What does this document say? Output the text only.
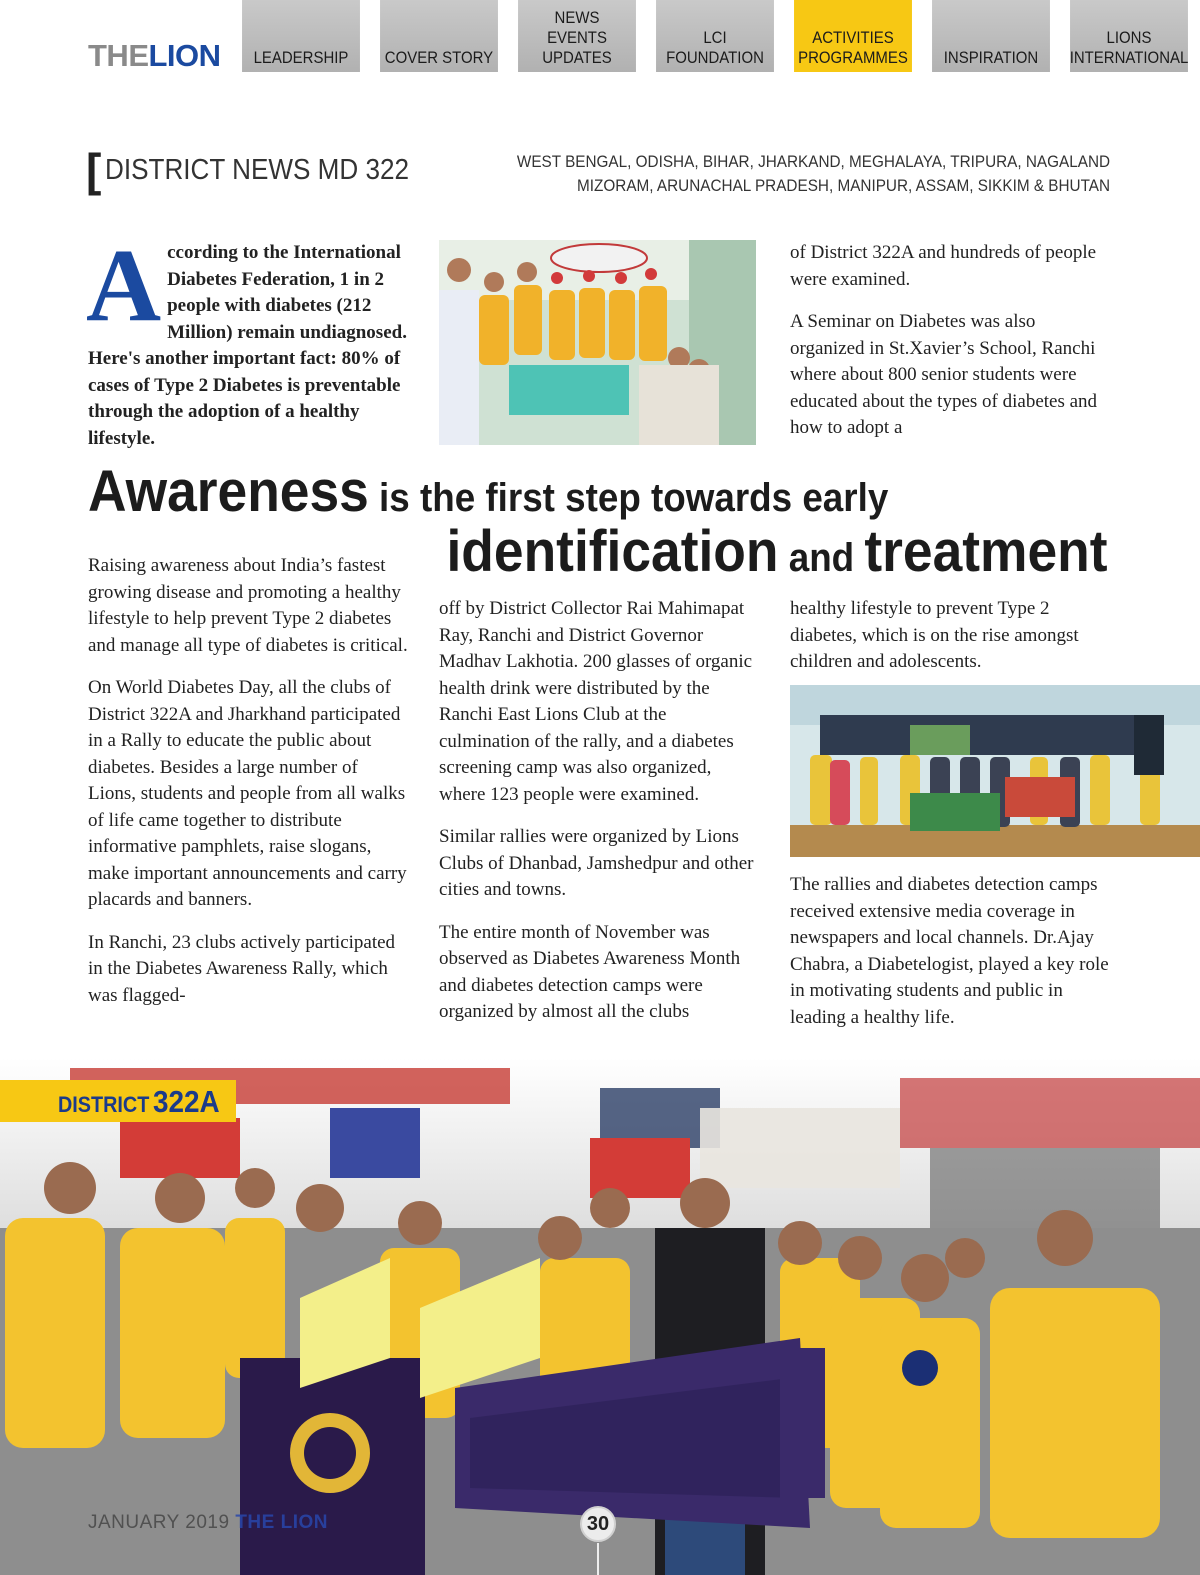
THELION LEADERSHIP COVER STORY
NEWS
EVENTS
UPDATES
LCI
FOUNDATION
ACTIVITIES
PROGRAMMES INSPIRATION
LIONS
INTERNATIONAL
[ DISTRICT NEWS MD 322	WEST BENGAL, ODISHA, BIHAR, JHARKAND, MEGHALAYA, TRIPURA, NAGALAND
MIZORAM, ARUNACHAL PRADESH, MANIPUR, ASSAM, SIKKIM & BHUTAN
A ccording to the International Diabetes Federation, 1 in 2 people with diabetes (212 Million) remain undiagnosed. Here's another important fact: 80% of cases of Type 2 Diabetes is preventable through the adoption of a healthy lifestyle.

of District 322A and hundreds of people were examined.

A Seminar on Diabetes was also organized in St.Xavier’s School, Ranchi where about 800 senior students were educated about the types of diabetes and how to adopt a

Awareness is the first step towards early
identification and treatment

Raising awareness about India’s fastest growing disease and promoting a healthy lifestyle to help prevent Type 2 diabetes and manage all type of diabetes is critical.

On World Diabetes Day, all the clubs of District 322A and Jharkhand participated in a Rally to educate the public about diabetes. Besides a large number of Lions, students and people from all walks of life came together to distribute informative pamphlets, raise slogans, make important announcements and carry placards and banners.

In Ranchi, 23 clubs actively participated in the Diabetes Awareness Rally, which was flagged-

off by District Collector Rai Mahimapat Ray, Ranchi and District Governor Madhav Lakhotia. 200 glasses of organic health drink were distributed by the Ranchi East Lions Club at the culmination of the rally, and a diabetes screening camp was also organized, where 123 people were examined.

Similar rallies were organized by Lions Clubs of Dhanbad, Jamshedpur and other cities and towns.

The entire month of November was observed as Diabetes Awareness Month and diabetes detection camps were organized by almost all the clubs

healthy lifestyle to prevent Type 2 diabetes, which is on the rise amongst children and adolescents.

The rallies and diabetes detection camps received extensive media coverage in newspapers and local channels. Dr.Ajay Chabra, a Diabetelogist, played a key role in motivating students and public in leading a healthy life.

DISTRICT 322A
JANUARY 2019 THE LION	30
